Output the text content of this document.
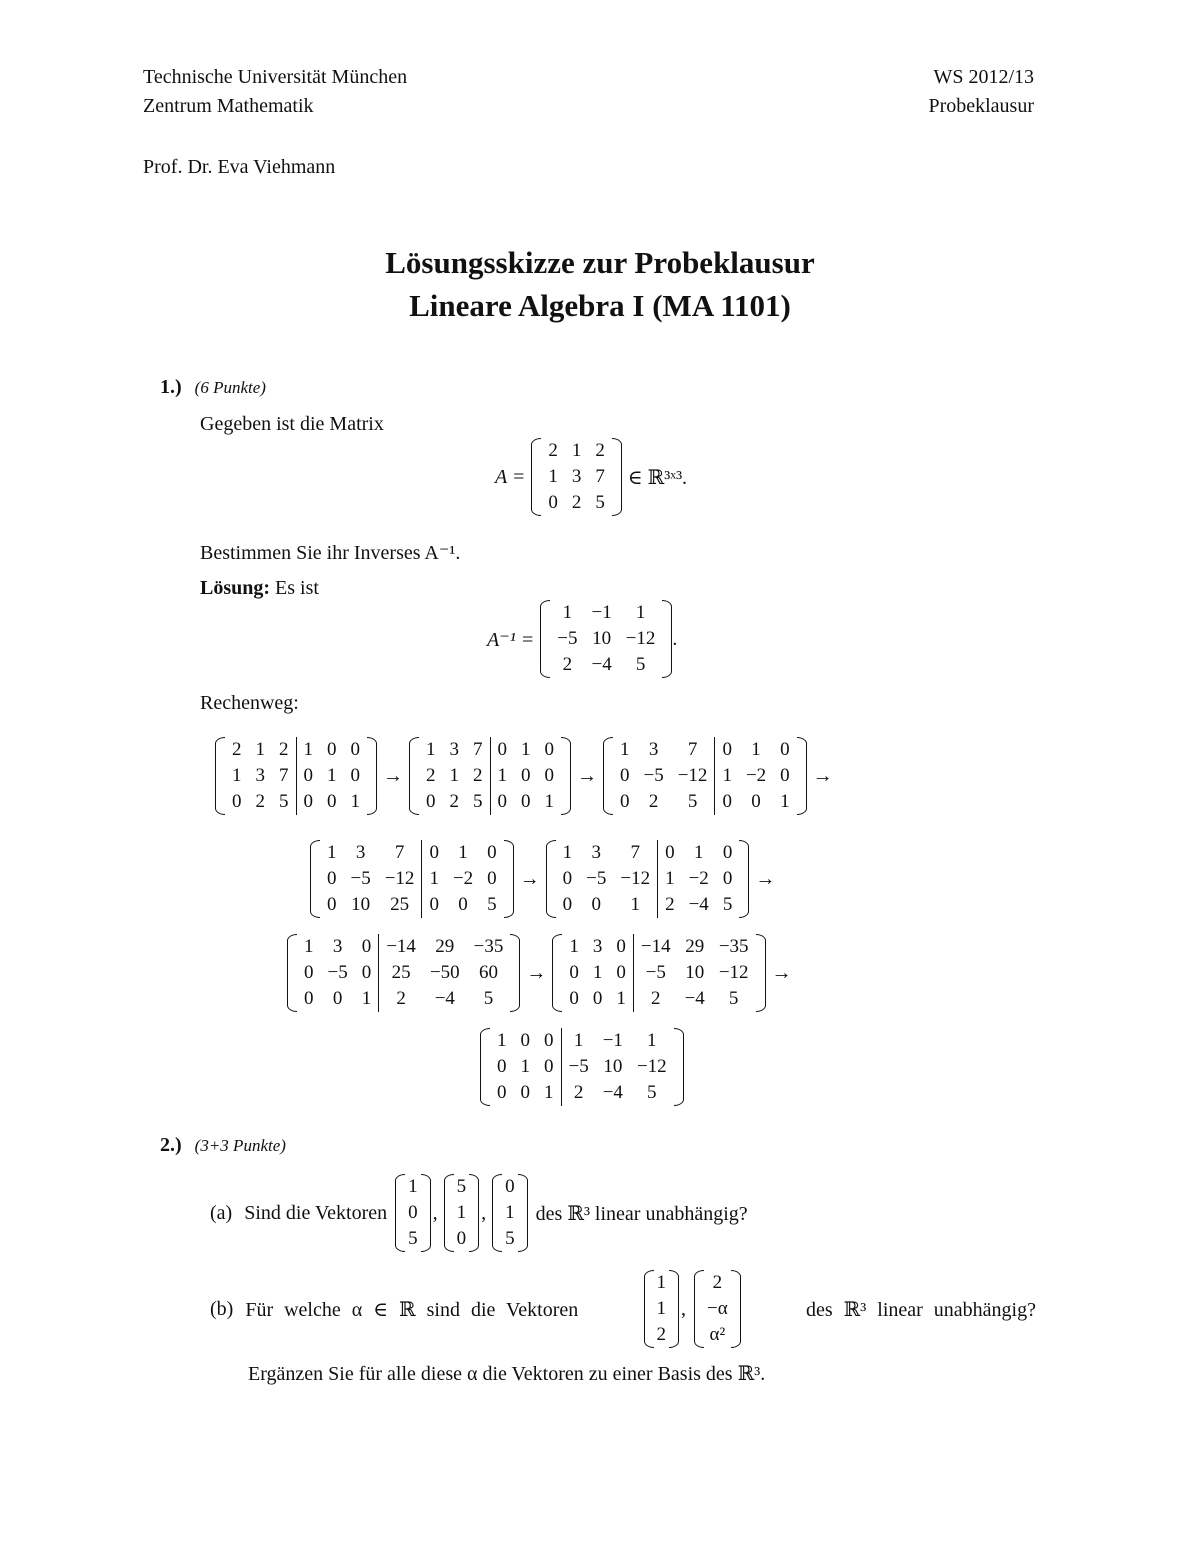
Technische Universität München
Zentrum Mathematik
WS 2012/13
Probeklausur
Prof. Dr. Eva Viehmann
Lösungsskizze zur Probeklausur
Lineare Algebra I (MA 1101)
1.) (6 Punkte)
Gegeben ist die Matrix
A =
2	1	2
1	3	7
0	2	5
∈ ℝ³ˣ³.
Bestimmen Sie ihr Inverses A⁻¹.
Lösung: Es ist
A⁻¹ =
1	−1	1
−5	10	−12
2	−4	5
.
Rechenweg:
2	1	2	1	0	0
1	3	7	0	1	0
0	2	5	0	0	1
→
1	3	7	0	1	0
2	1	2	1	0	0
0	2	5	0	0	1
→
1	3	7	0	1	0
0	−5	−12	1	−2	0
0	2	5	0	0	1
→
1	3	7	0	1	0
0	−5	−12	1	−2	0
0	10	25	0	0	5
→
1	3	7	0	1	0
0	−5	−12	1	−2	0
0	0	1	2	−4	5
→
1	3	0	−14	29	−35
0	−5	0	25	−50	60
0	0	1	2	−4	5
→
1	3	0	−14	29	−35
0	1	0	−5	10	−12
0	0	1	2	−4	5
→
1	0	0	1	−1	1
0	1	0	−5	10	−12
0	0	1	2	−4	5
2.) (3+3 Punkte)
(a) Sind die Vektoren
1
0
5
,
5
1
0
,
0
1
5
des ℝ³ linear unabhängig?
(b) Für welche α ∈ ℝ sind die Vektoren
1
1
2
,
2
−α
α²
des ℝ³ linear unabhängig?
Ergänzen Sie für alle diese α die Vektoren zu einer Basis des ℝ³.
